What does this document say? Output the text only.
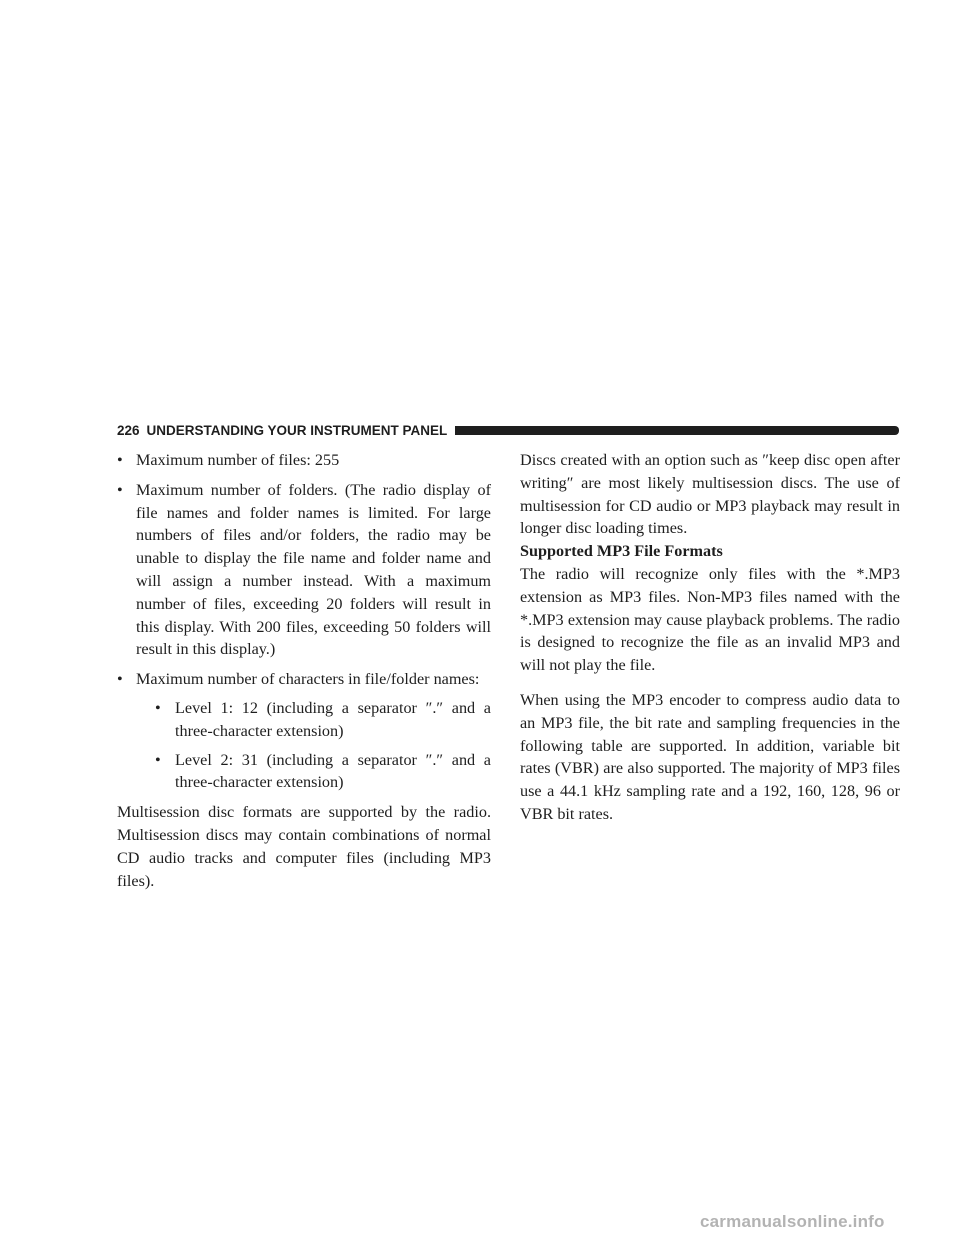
226 UNDERSTANDING YOUR INSTRUMENT PANEL
• Maximum number of files: 255
• Maximum number of folders. (The radio display of file names and folder names is limited. For large numbers of files and/or folders, the radio may be unable to display the file name and folder name and will assign a number instead. With a maximum number of files, exceeding 20 folders will result in this display. With 200 files, exceeding 50 folders will result in this display.)
• Maximum number of characters in file/folder names:
• Level 1: 12 (including a separator ″.″ and a three-character extension)
• Level 2: 31 (including a separator ″.″ and a three-character extension)

Multisession disc formats are supported by the radio. Multisession discs may contain combinations of normal CD audio tracks and computer files (including MP3 files).

Discs created with an option such as ″keep disc open after writing″ are most likely multisession discs. The use of multisession for CD audio or MP3 playback may result in longer disc loading times.

Supported MP3 File Formats

The radio will recognize only files with the *.MP3 extension as MP3 files. Non-MP3 files named with the *.MP3 extension may cause playback problems. The radio is designed to recognize the file as an invalid MP3 and will not play the file.

When using the MP3 encoder to compress audio data to an MP3 file, the bit rate and sampling frequencies in the following table are supported. In addition, variable bit rates (VBR) are also supported. The majority of MP3 files use a 44.1 kHz sampling rate and a 192, 160, 128, 96 or VBR bit rates.

carmanualsonline.info
